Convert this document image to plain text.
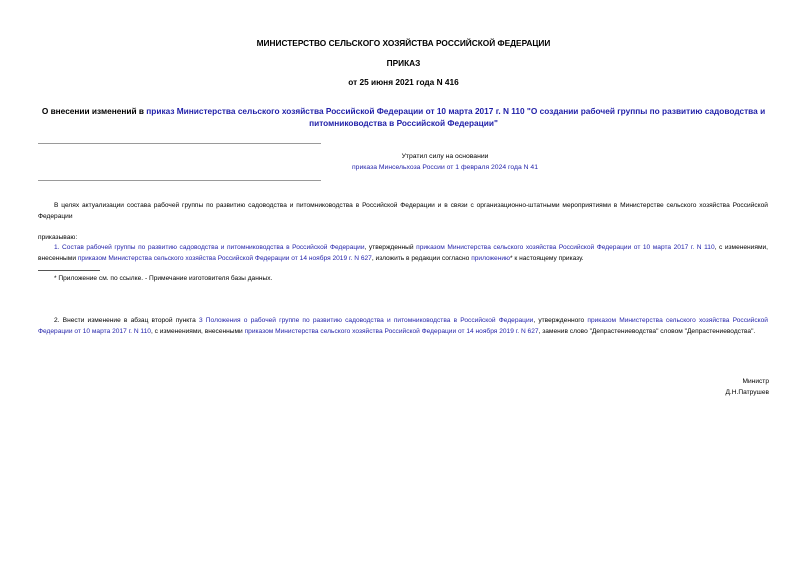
МИНИСТЕРСТВО СЕЛЬСКОГО ХОЗЯЙСТВА РОССИЙСКОЙ ФЕДЕРАЦИИ
ПРИКАЗ
от 25 июня 2021 года N 416
О внесении изменений в приказ Министерства сельского хозяйства Российской Федерации от 10 марта 2017 г. N 110 "О создании рабочей группы по развитию садоводства и питомниководства в Российской Федерации"
Утратил силу на основании
приказа Минсельхоза России от 1 февраля 2024 года N 41
В целях актуализации состава рабочей группы по развитию садоводства и питомниководства в Российской Федерации и в связи с организационно-штатными мероприятиями в Министерстве сельского хозяйства Российской Федерации
приказываю:
1. Состав рабочей группы по развитию садоводства и питомниководства в Российской Федерации, утвержденный приказом Министерства сельского хозяйства Российской Федерации от 10 марта 2017 г. N 110, с изменениями, внесенными приказом Министерства сельского хозяйства Российской Федерации от 14 ноября 2019 г. N 627, изложить в редакции согласно приложению* к настоящему приказу.
* Приложение см. по ссылке. - Примечание изготовителя базы данных.
2. Внести изменение в абзац второй пункта 3 Положения о рабочей группе по развитию садоводства и питомниководства в Российской Федерации, утвержденного приказом Министерства сельского хозяйства Российской Федерации от 10 марта 2017 г. N 110, с изменениями, внесенными приказом Министерства сельского хозяйства Российской Федерации от 14 ноября 2019 г. N 627, заменив слово "Депрастениеводства" словом "Депрастениеводства".
Министр
Д.Н.Патрушев
